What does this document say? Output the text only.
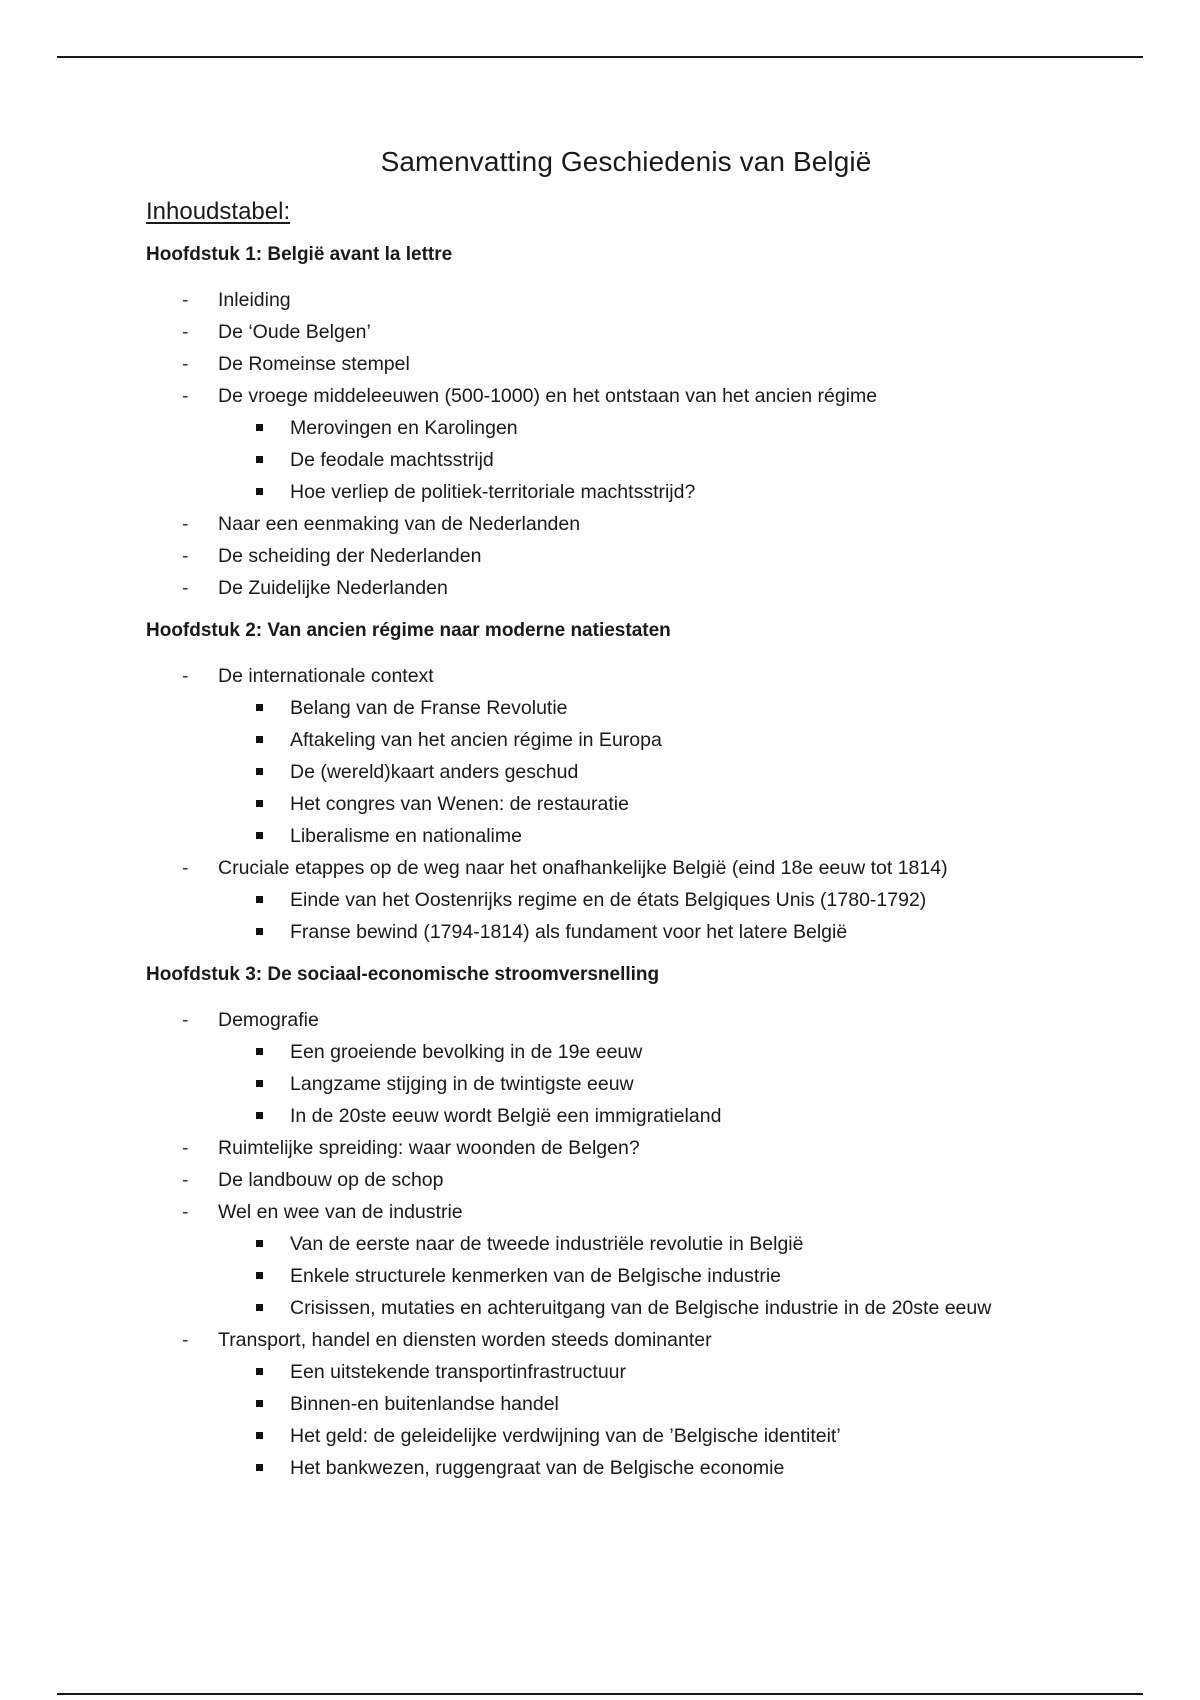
Samenvatting Geschiedenis van België
Inhoudstabel:
Hoofdstuk 1: België avant la lettre
- Inleiding
- De ‘Oude Belgen’
- De Romeinse stempel
- De vroege middeleeuwen (500-1000) en het ontstaan van het ancien régime
Merovingen en Karolingen
De feodale machtsstrijd
Hoe verliep de politiek-territoriale machtsstrijd?
- Naar een eenmaking van de Nederlanden
- De scheiding der Nederlanden
- De Zuidelijke Nederlanden
Hoofdstuk 2: Van ancien régime naar moderne natiestaten
- De internationale context
Belang van de Franse Revolutie
Aftakeling van het ancien régime in Europa
De (wereld)kaart anders geschud
Het congres van Wenen: de restauratie
Liberalisme en nationalime
- Cruciale etappes op de weg naar het onafhankelijke België (eind 18e eeuw tot 1814)
Einde van het Oostenrijks regime en de états Belgiques Unis (1780-1792)
Franse bewind (1794-1814) als fundament voor het latere België
Hoofdstuk 3: De sociaal-economische stroomversnelling
- Demografie
Een groeiende bevolking in de 19e eeuw
Langzame stijging in de twintigste eeuw
In de 20ste eeuw wordt België een immigratieland
- Ruimtelijke spreiding: waar woonden de Belgen?
- De landbouw op de schop
- Wel en wee van de industrie
Van de eerste naar de tweede industriële revolutie in België
Enkele structurele kenmerken van de Belgische industrie
Crisissen, mutaties en achteruitgang van de Belgische industrie in de 20ste eeuw
- Transport, handel en diensten worden steeds dominanter
Een uitstekende transportinfrastructuur
Binnen-en buitenlandse handel
Het geld: de geleidelijke verdwijning van de ’Belgische identiteit’
Het bankwezen, ruggengraat van de Belgische economie
